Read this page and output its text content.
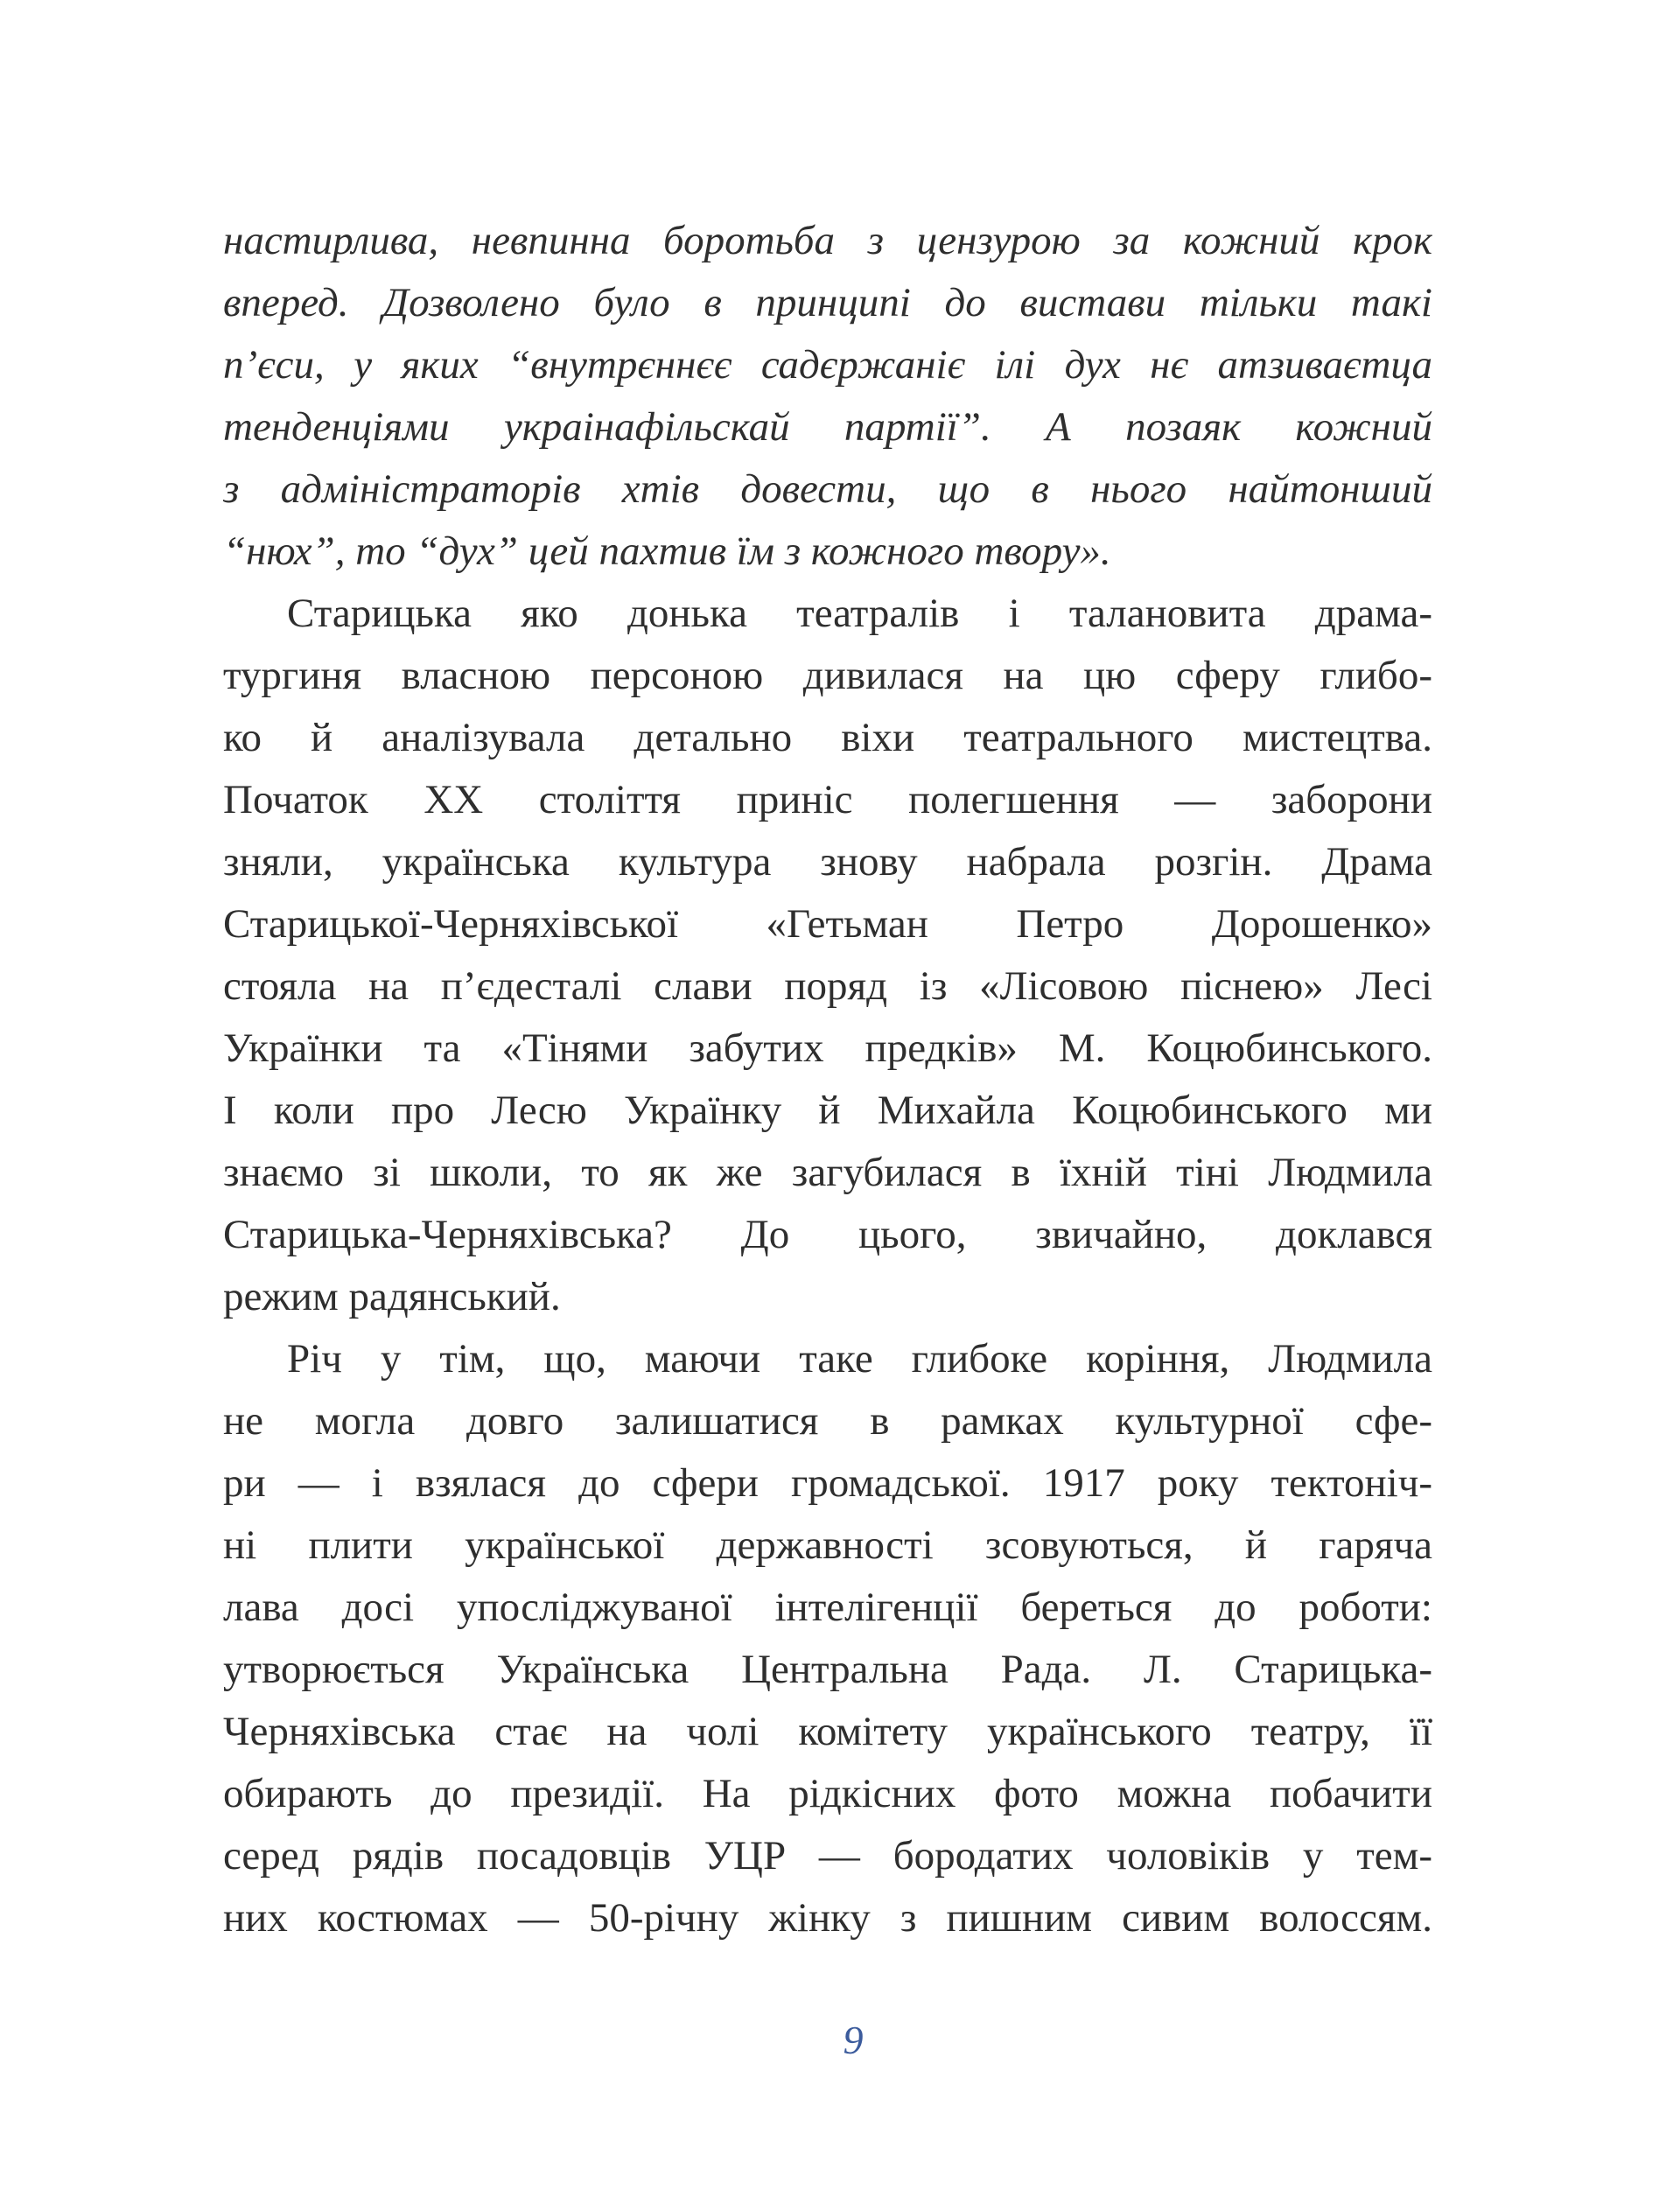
настирлива, невпинна боротьба з цензурою за кожний крок
вперед. Дозволено було в принципі до вистави тільки такі
п’єси, у яких “внутрєннєє садєржаніє ілі дух нє атзиваєтца
тенденціями украінафільскай партії”. А позаяк кожний
з адміністраторів хтів довести, що в нього найтонший
“нюх”, то “дух” цей пахтив їм з кожного твору».
Старицька яко донька театралів і талановита драма-
тургиня власною персоною дивилася на цю сферу глибо-
ко й аналізувала детально віхи театрального мистецтва.
Початок XX століття приніс полегшення — заборони
зняли, українська культура знову набрала розгін. Драма
Старицької-Черняхівської «Гетьман Петро Дорошенко»
стояла на п’єдесталі слави поряд із «Лісовою піснею» Лесі
Українки та «Тінями забутих предків» М. Коцюбинського.
І коли про Лесю Українку й Михайла Коцюбинського ми
знаємо зі школи, то як же загубилася в їхній тіні Людмила
Старицька-Черняхівська? До цього, звичайно, доклався
режим радянський.
Річ у тім, що, маючи таке глибоке коріння, Людмила
не могла довго залишатися в рамках культурної сфе-
ри — і взялася до сфери громадської. 1917 року тектоніч-
ні плити української державності зсовуються, й гаряча
лава досі упосліджуваної інтелігенції береться до роботи:
утворюється Українська Центральна Рада. Л. Старицька-
Черняхівська стає на чолі комітету українського театру, її
обирають до президії. На рідкісних фото можна побачити
серед рядів посадовців УЦР — бородатих чоловіків у тем-
них костюмах — 50-річну жінку з пишним сивим волоссям.
9
